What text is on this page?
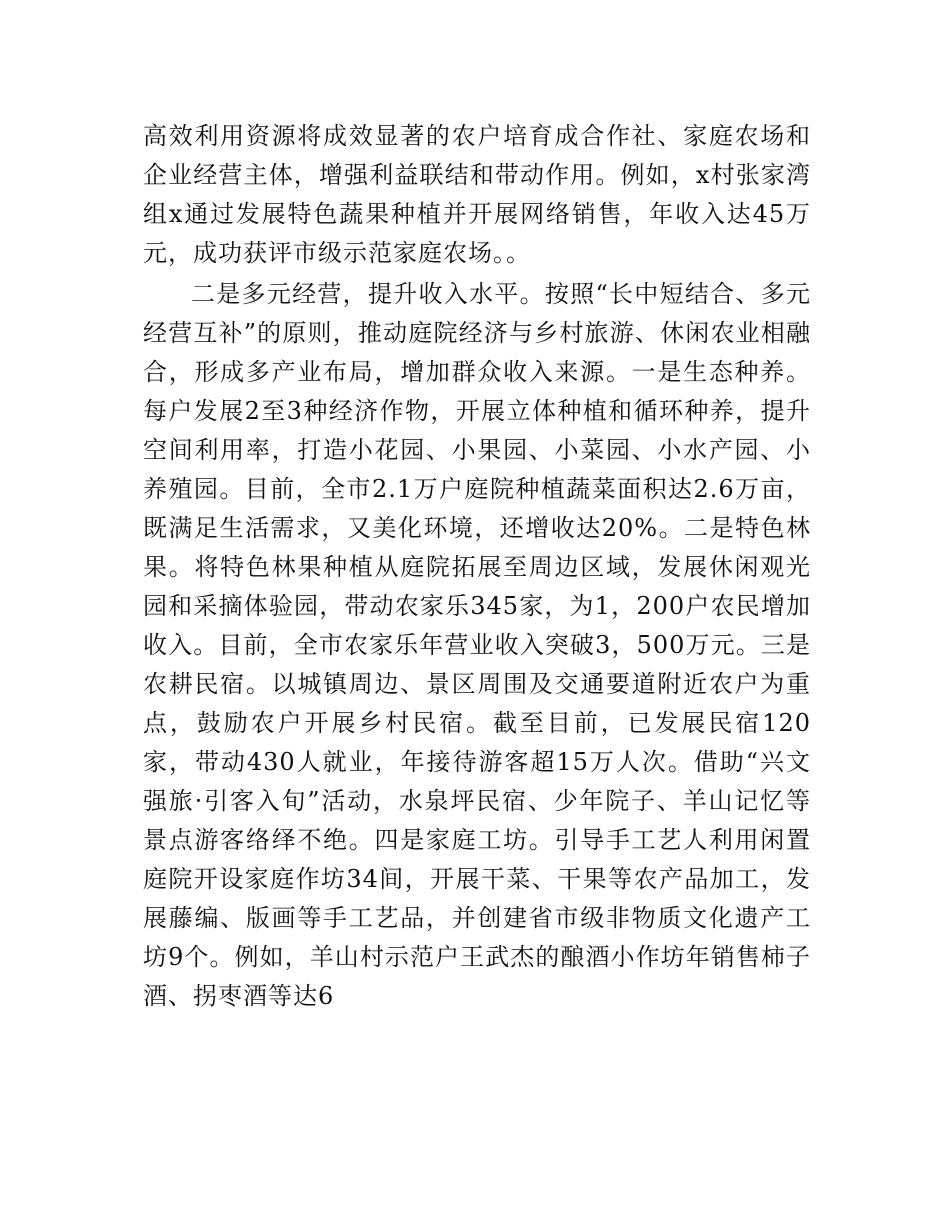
高效利用资源将成效显著的农户培育成合作社、家庭农场和企业经营主体，增强利益联结和带动作用。例如，x村张家湾组x通过发展特色蔬果种植并开展网络销售，年收入达45万元，成功获评市级示范家庭农场。。

二是多元经营，提升收入水平。按照“长中短结合、多元经营互补”的原则，推动庭院经济与乡村旅游、休闲农业相融合，形成多产业布局，增加群众收入来源。一是生态种养。每户发展2至3种经济作物，开展立体种植和循环种养，提升空间利用率，打造小花园、小果园、小菜园、小水产园、小养殖园。目前，全市2.1万户庭院种植蔬菜面积达2.6万亩，既满足生活需求，又美化环境，还增收达20%。二是特色林果。将特色林果种植从庭院拓展至周边区域，发展休闲观光园和采摘体验园，带动农家乐345家，为1，200户农民增加收入。目前，全市农家乐年营业收入突破3，500万元。三是农耕民宿。以城镇周边、景区周围及交通要道附近农户为重点，鼓励农户开展乡村民宿。截至目前，已发展民宿120家，带动430人就业，年接待游客超15万人次。借助“兴文强旅·引客入旬”活动，水泉坪民宿、少年院子、羊山记忆等景点游客络绎不绝。四是家庭工坊。引导手工艺人利用闲置庭院开设家庭作坊34间，开展干菜、干果等农产品加工，发展藤编、版画等手工艺品，并创建省市级非物质文化遗产工坊9个。例如，羊山村示范户王武杰的酿酒小作坊年销售柿子酒、拐枣酒等达6
